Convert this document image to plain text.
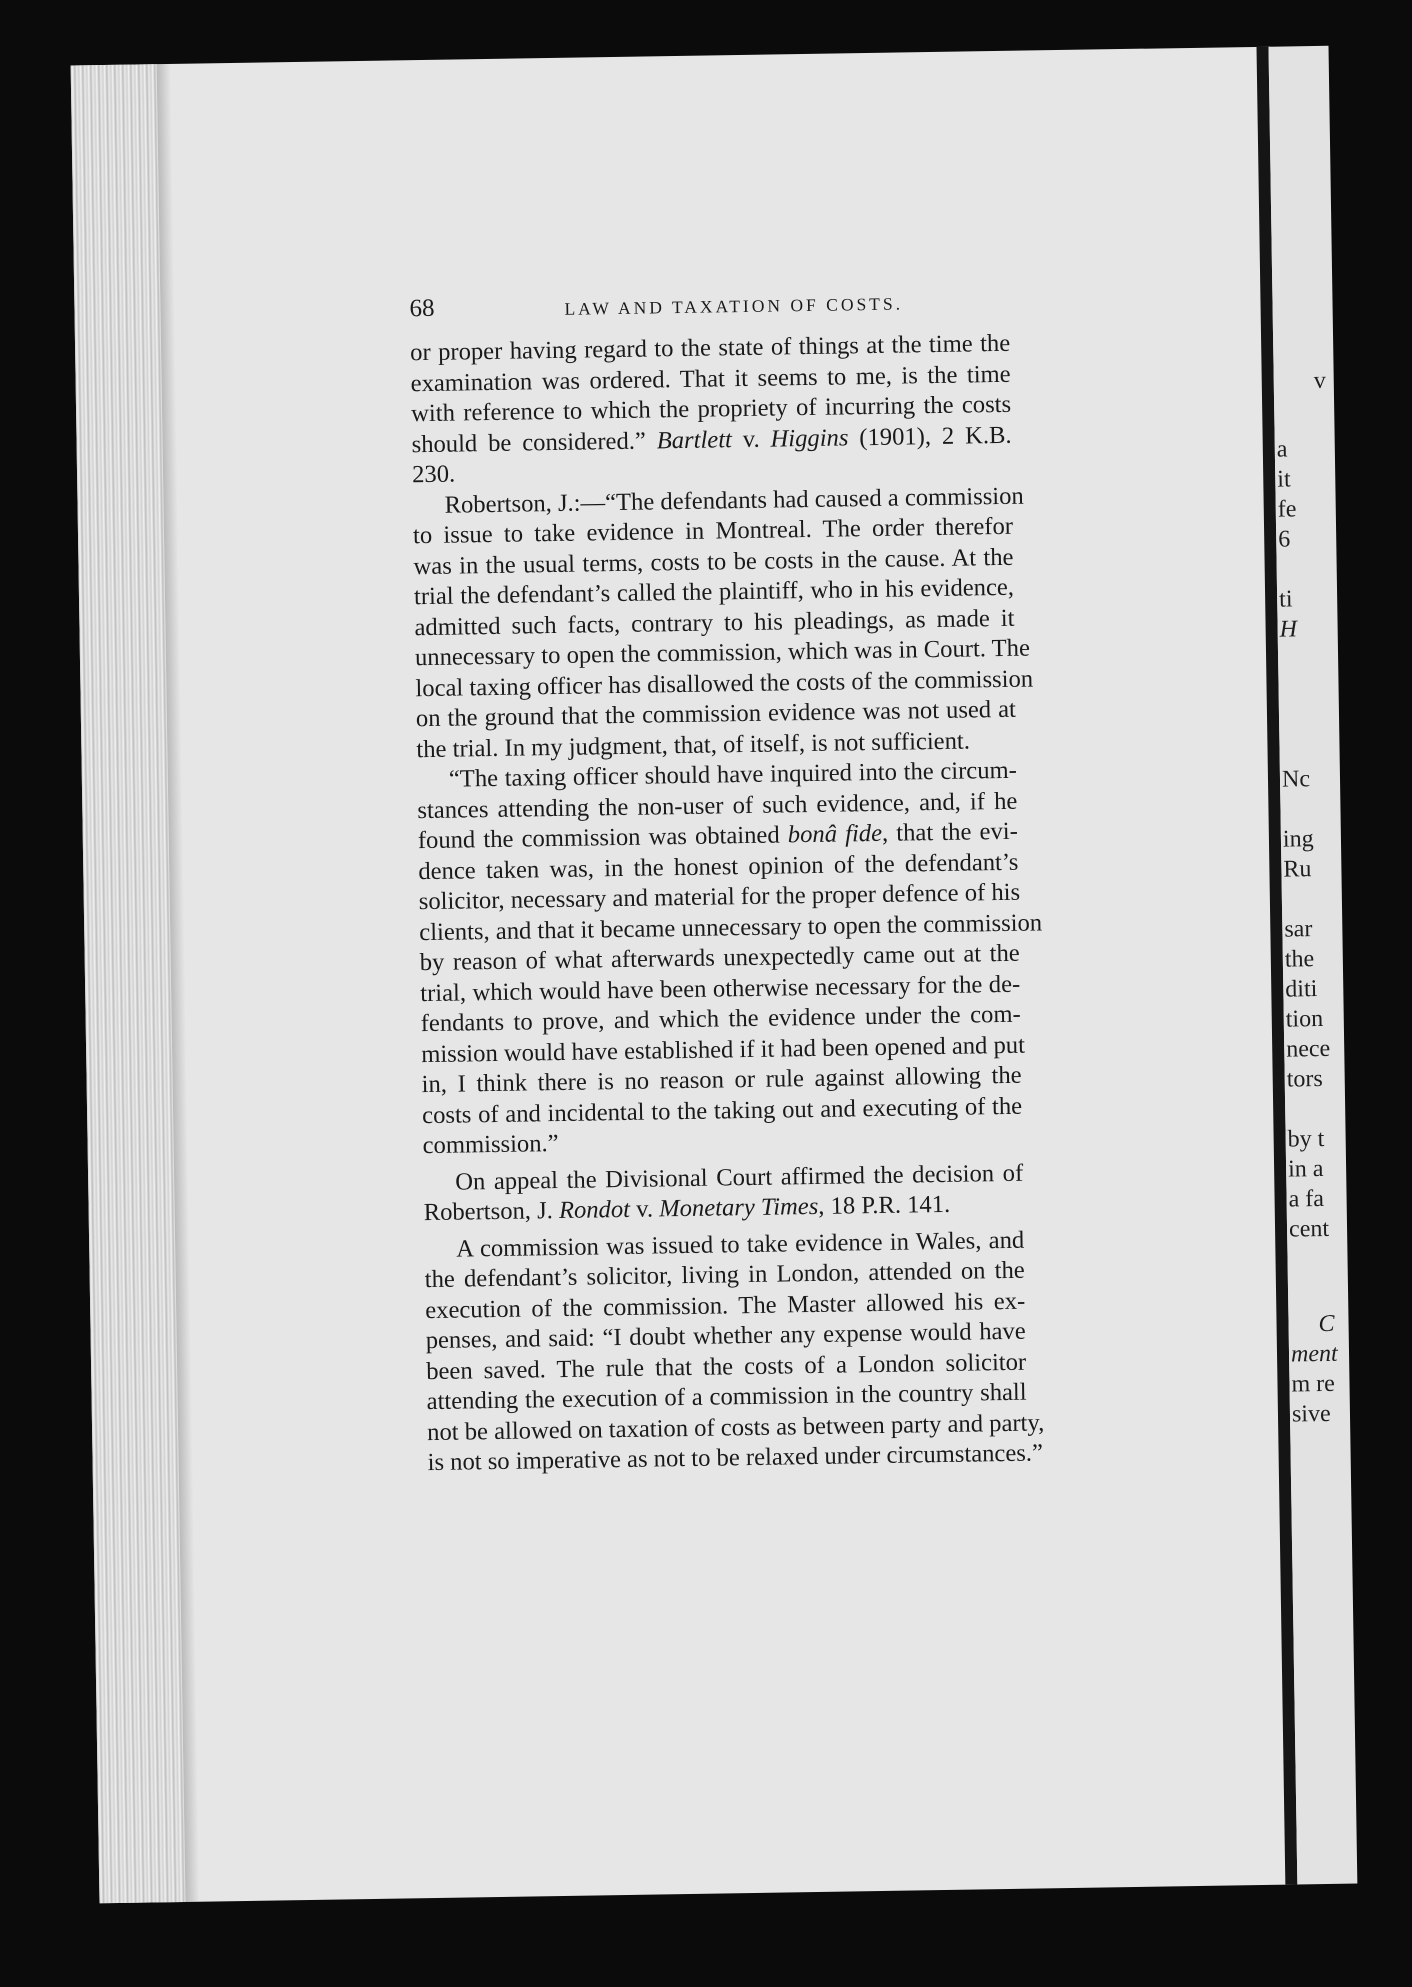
68	LAW AND TAXATION OF COSTS.
or proper having regard to the state of things at the time the
examination was ordered. That it seems to me, is the time
with reference to which the propriety of incurring the costs
should be considered.” Bartlett v. Higgins (1901), 2 K.B.
230.
Robertson, J.:—“The defendants had caused a commission
to issue to take evidence in Montreal. The order therefor
was in the usual terms, costs to be costs in the cause. At the
trial the defendant’s called the plaintiff, who in his evidence,
admitted such facts, contrary to his pleadings, as made it
unnecessary to open the commission, which was in Court. The
local taxing officer has disallowed the costs of the commission
on the ground that the commission evidence was not used at
the trial. In my judgment, that, of itself, is not sufficient.
“The taxing officer should have inquired into the circum-
stances attending the non-user of such evidence, and, if he
found the commission was obtained bonâ fide, that the evi-
dence taken was, in the honest opinion of the defendant’s
solicitor, necessary and material for the proper defence of his
clients, and that it became unnecessary to open the commission
by reason of what afterwards unexpectedly came out at the
trial, which would have been otherwise necessary for the de-
fendants to prove, and which the evidence under the com-
mission would have established if it had been opened and put
in, I think there is no reason or rule against allowing the
costs of and incidental to the taking out and executing of the
commission.”
On appeal the Divisional Court affirmed the decision of
Robertson, J. Rondot v. Monetary Times, 18 P.R. 141.
A commission was issued to take evidence in Wales, and
the defendant’s solicitor, living in London, attended on the
execution of the commission. The Master allowed his ex-
penses, and said: “I doubt whether any expense would have
been saved. The rule that the costs of a London solicitor
attending the execution of a commission in the country shall
not be allowed on taxation of costs as between party and party,
is not so imperative as not to be relaxed under circumstances.”
v
a
it
fe
6
ti
H
Nc
ing
Ru
sar
the
diti
tion
nece
tors
by t
in a
a fa
cent
C
ment
m re
sive
